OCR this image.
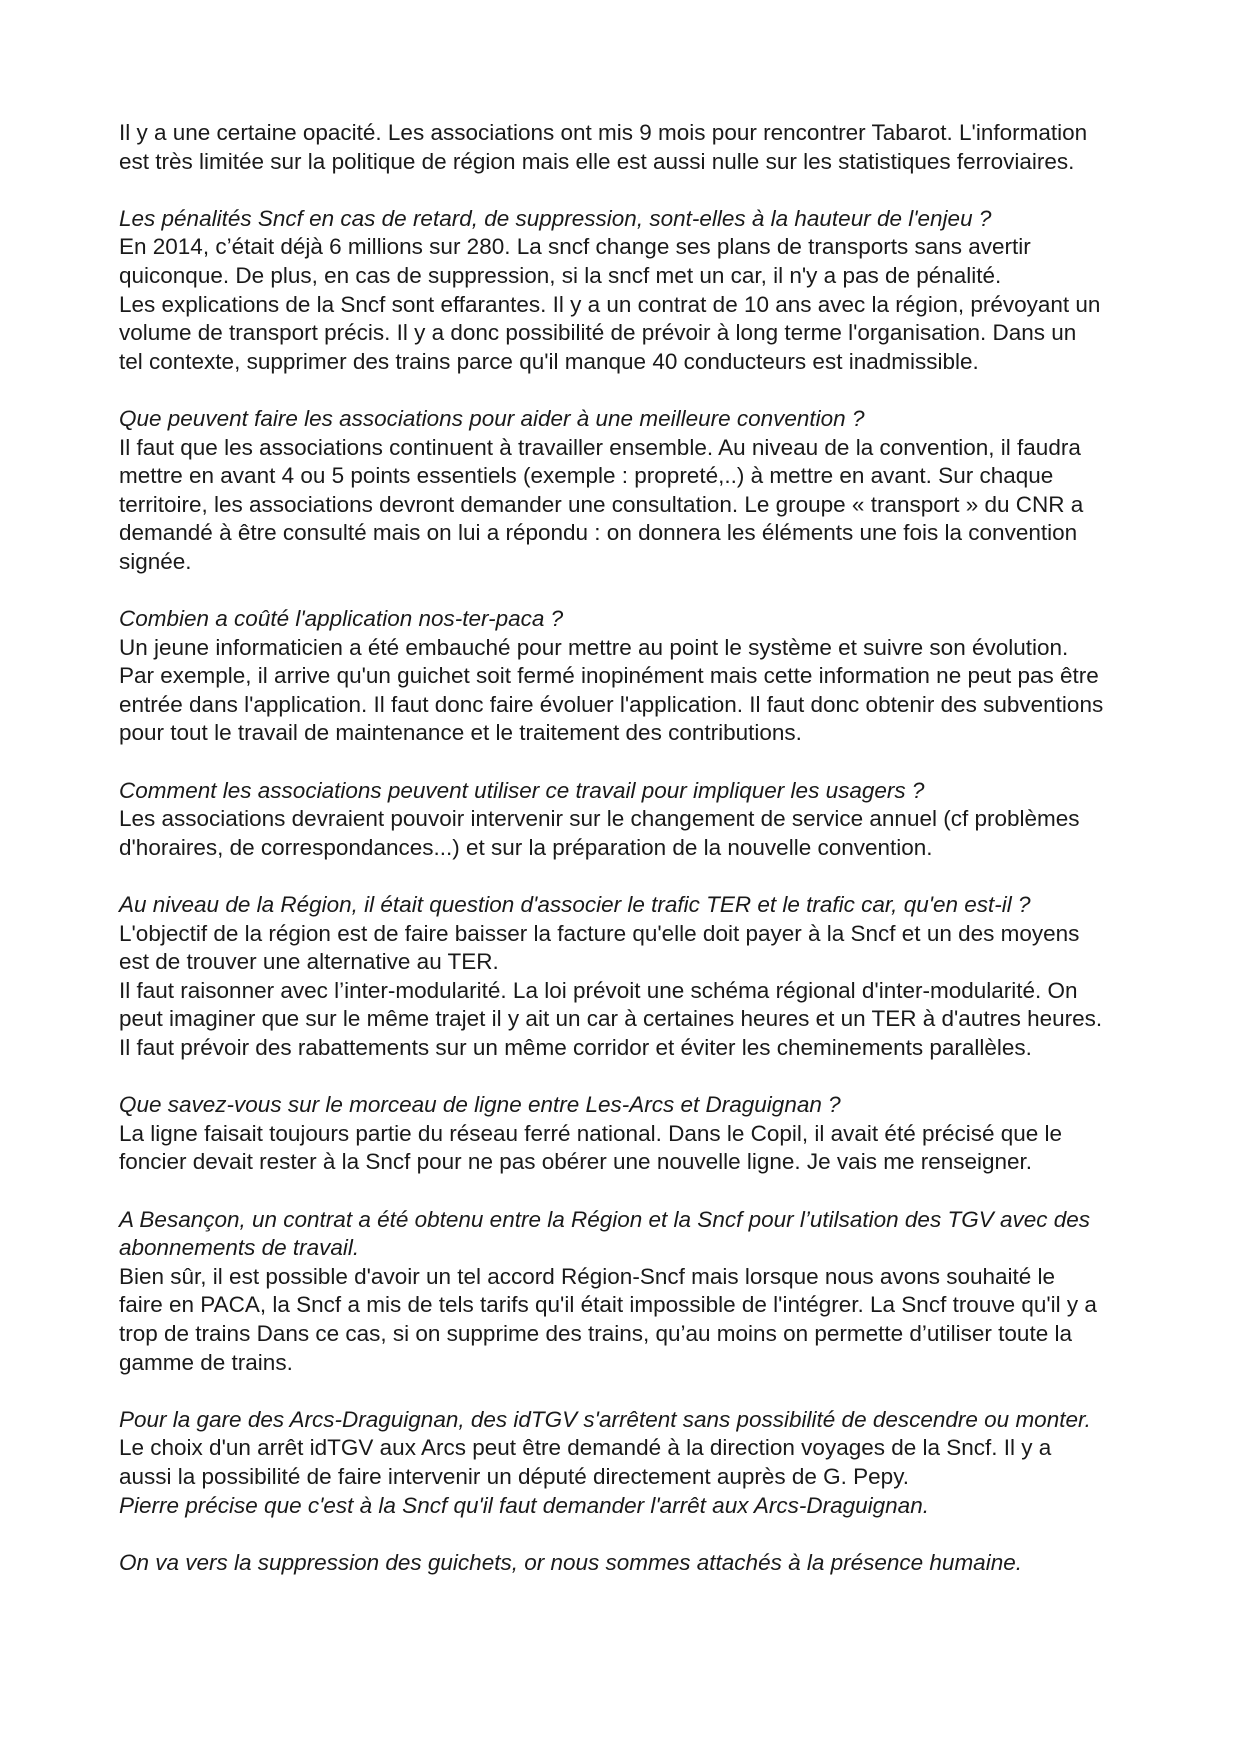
Il y a une certaine opacité. Les associations ont mis 9 mois pour rencontrer Tabarot. L'information

est très limitée sur la politique de région mais elle est aussi nulle sur les statistiques ferroviaires.

Les pénalités Sncf en cas de retard, de suppression, sont-elles à la hauteur de l'enjeu ?

En 2014, c’était déjà 6 millions sur 280. La sncf change ses plans de transports sans avertir

quiconque. De plus, en cas de suppression, si la sncf met un car, il n'y a pas de pénalité.

Les explications de la Sncf sont effarantes. Il y a un contrat de 10 ans avec la région, prévoyant un

volume de transport précis. Il y a donc possibilité de prévoir à long terme l'organisation. Dans un

tel contexte, supprimer des trains parce qu'il manque 40 conducteurs est inadmissible.

Que peuvent faire les associations pour aider à une meilleure convention ?

Il faut que les associations continuent à travailler ensemble. Au niveau de la convention, il faudra

mettre en avant 4 ou 5 points essentiels (exemple : propreté,..) à mettre en avant. Sur chaque

territoire, les associations devront demander une consultation. Le groupe « transport » du CNR a

demandé à être consulté mais on lui a répondu : on donnera les éléments une fois la convention

signée.

Combien a coûté l'application nos-ter-paca ?

Un jeune informaticien a été embauché pour mettre au point le système et suivre son évolution.

Par exemple, il arrive qu'un guichet soit fermé inopinément mais cette information ne peut pas être

entrée dans l'application. Il faut donc faire évoluer l'application. Il faut donc obtenir des subventions

pour tout le travail de maintenance et le traitement des contributions.

Comment les associations peuvent utiliser ce travail pour impliquer les usagers ?

Les associations devraient pouvoir intervenir sur le changement de service annuel (cf problèmes

d'horaires, de correspondances...) et sur la préparation de la nouvelle convention.

Au niveau de la Région, il était question d'associer le trafic TER et le trafic car, qu'en est-il ?

L'objectif de la région est de faire baisser la facture qu'elle doit payer à la Sncf et un des moyens

est de trouver une alternative au TER.

Il faut raisonner avec l’inter-modularité. La loi prévoit une schéma régional d'inter-modularité. On

peut imaginer que sur le même trajet il y ait un car à certaines heures et un TER à d'autres heures.

Il faut prévoir des rabattements sur un même corridor et éviter les cheminements parallèles.

Que savez-vous sur le morceau de ligne entre Les-Arcs et Draguignan ?

La ligne faisait toujours partie du réseau ferré national. Dans le Copil, il avait été précisé que le

foncier devait rester à la Sncf pour ne pas obérer une nouvelle ligne. Je vais me renseigner.

A Besançon, un contrat a été obtenu entre la Région et la Sncf pour l’utilsation des TGV avec des

abonnements de travail.

Bien sûr, il est possible d'avoir un tel accord Région-Sncf mais lorsque nous avons souhaité le

faire en PACA, la Sncf a mis de tels tarifs qu'il était impossible de l'intégrer. La Sncf trouve qu'il y a

trop de trains Dans ce cas, si on supprime des trains, qu’au moins on permette d’utiliser toute la

gamme de trains.

Pour la gare des Arcs-Draguignan, des idTGV s'arrêtent sans possibilité de descendre ou monter.

Le choix d'un arrêt idTGV aux Arcs peut être demandé à la direction voyages de la Sncf. Il y a

aussi la possibilité de faire intervenir un député directement auprès de G. Pepy.

Pierre précise que c'est à la Sncf qu'il faut demander l'arrêt aux Arcs-Draguignan.

On va vers la suppression des guichets, or nous sommes attachés à la présence humaine.
